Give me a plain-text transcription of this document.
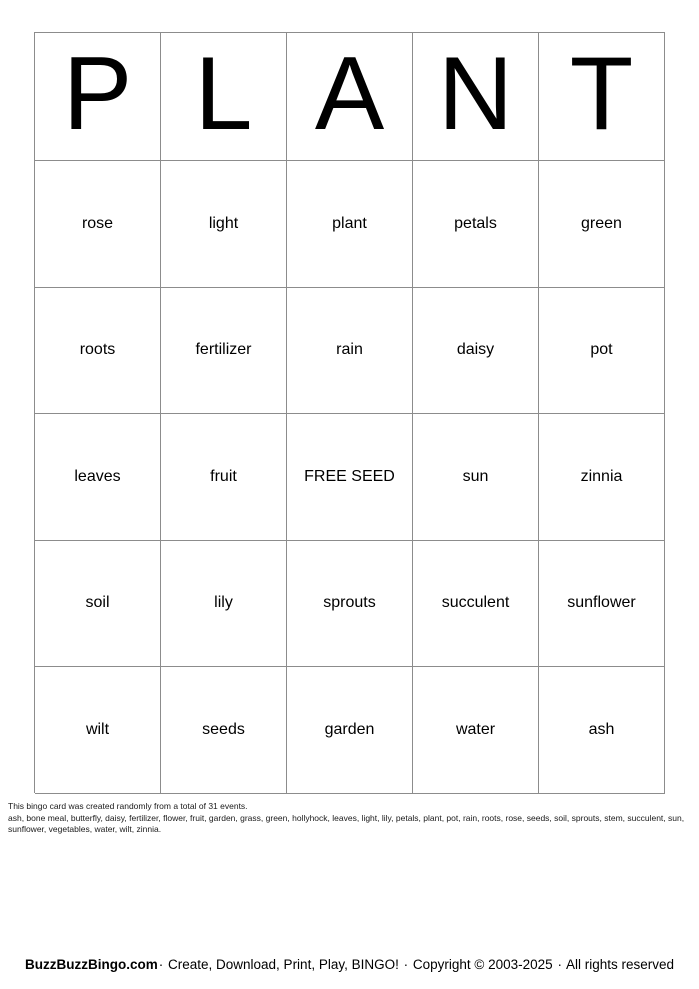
P L A N T
rose	light	plant	petals	green
roots	fertilizer	rain	daisy	pot
leaves	fruit	FREE SEED	sun	zinnia
soil	lily	sprouts	succulent	sunflower
wilt	seeds	garden	water	ash
This bingo card was created randomly from a total of 31 events.
ash, bone meal, butterfly, daisy, fertilizer, flower, fruit, garden, grass, green, hollyhock, leaves, light, lily, petals, plant, pot, rain, roots, rose, seeds, soil, sprouts, stem, succulent, sun, sunflower, vegetables, water, wilt, zinnia.
BuzzBuzzBingo.com· Create, Download, Print, Play, BINGO! · Copyright © 2003-2025 · All rights reserved
